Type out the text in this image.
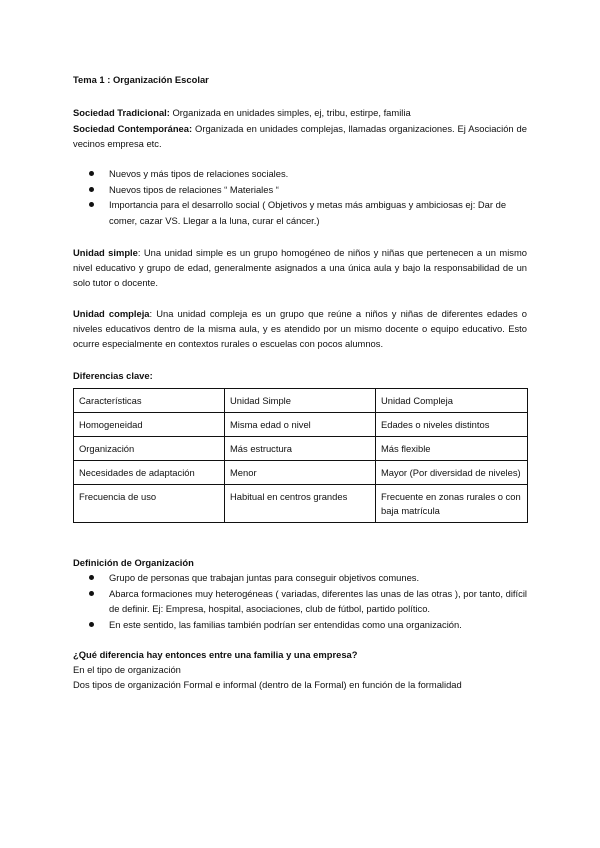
Tema 1 : Organización Escolar

Sociedad Tradicional: Organizada en unidades simples, ej, tribu, estirpe, familia

Sociedad Contemporánea: Organizada en unidades complejas, llamadas organizaciones. Ej Asociación de vecinos empresa etc.

Nuevos y más tipos de relaciones sociales.
Nuevos tipos de relaciones “ Materiales “
Importancia para el desarrollo social ( Objetivos y metas más ambiguas y ambiciosas ej: Dar de comer, cazar VS. Llegar a la luna, curar el cáncer.)

Unidad simple: Una unidad simple es un grupo homogéneo de niños y niñas que pertenecen a un mismo nivel educativo y grupo de edad, generalmente asignados a una única aula y bajo la responsabilidad de un solo tutor o docente.

Unidad compleja: Una unidad compleja es un grupo que reúne a niños y niñas de diferentes edades o niveles educativos dentro de la misma aula, y es atendido por un mismo docente o equipo educativo. Esto ocurre especialmente en contextos rurales o escuelas con pocos alumnos.

Diferencias clave:

Características	Unidad Simple	Unidad Compleja
Homogeneidad	Misma edad o nivel	Edades o niveles distintos
Organización	Más estructura	Más flexible
Necesidades de adaptación	Menor	Mayor (Por diversidad de niveles)
Frecuencia de uso	Habitual en centros grandes	Frecuente en zonas rurales o con baja matrícula

Definición de Organización

Grupo de personas que trabajan juntas para conseguir objetivos comunes.
Abarca formaciones muy heterogéneas ( variadas, diferentes las unas de las otras ), por tanto, difícil de definir. Ej: Empresa, hospital, asociaciones, club de fútbol, partido político.
En este sentido, las familias también podrían ser entendidas como una organización.

¿Qué diferencia hay entonces entre una familia y una empresa?

En el tipo de organización

Dos tipos de organización Formal e informal (dentro de la Formal) en función de la formalidad
